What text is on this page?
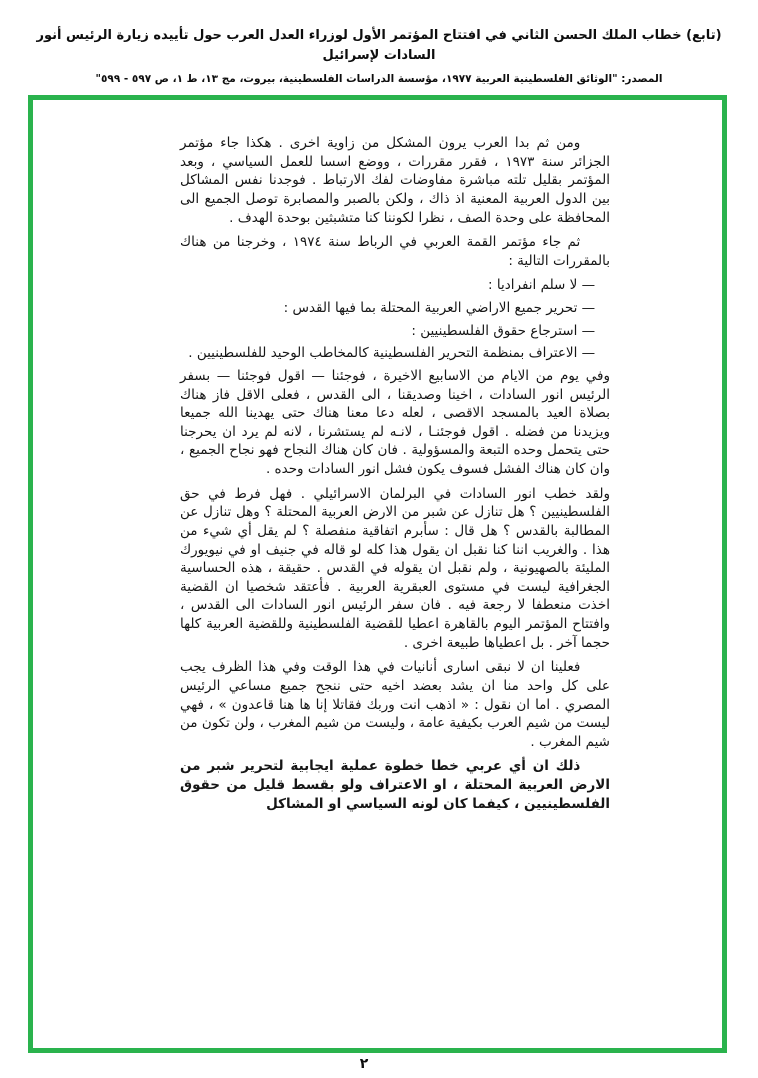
(تابع) خطاب الملك الحسن الثاني في افتتاح المؤتمر الأول لوزراء العدل العرب حول تأييده زيارة الرئيس أنور السادات لإسرائيل
المصدر: "الوثائق الفلسطينية العربية ١٩٧٧، مؤسسة الدراسات الفلسطينية، بيروت، مج ١٣، ط ١، ص ٥٩٧ - ٥٩٩"

ومن ثم بدا العرب يرون المشكل من زاوية اخرى . هكذا جاء مؤتمر الجزائر سنة ١٩٧٣ ، فقرر مقررات ، ووضع اسسا للعمل السياسي ، وبعد المؤتمر بقليل تلته مباشرة مفاوضات لفك الارتباط . فوجدنا نفس المشاكل بين الدول العربية المعنية اذ ذاك ، ولكن بالصبر والمصابرة توصل الجميع الى المحافظة على وحدة الصف ، نظرا لكوننا كنا متشبثين بوحدة الهدف .

ثم جاء مؤتمر القمة العربي في الرباط سنة ١٩٧٤ ، وخرجنا من هناك بالمقررات التالية :

— لا سلم انفراديا :

— تحرير جميع الاراضي العربية المحتلة بما فيها القدس :

— استرجاع حقوق الفلسطينيين :

— الاعتراف بمنظمة التحرير الفلسطينية كالمخاطب الوحيد للفلسطينيين .

وفي يوم من الايام من الاسابيع الاخيرة ، فوجئنا — اقول فوجئنا — بسفر الرئيس انور السادات ، اخينا وصديقنا ، الى القدس ، فعلى الاقل فاز هناك بصلاة العيد بالمسجد الاقصى ، لعله دعا معنا هناك حتى يهدينا الله جميعا ويزيدنا من فضله . اقول فوجئنـا ، لانـه لم يستشرنا ، لانه لم يرد ان يحرجنا حتى يتحمل وحده التبعة والمسؤولية . فان كان هناك النجاح فهو نجاح الجميع ، وان كان هناك الفشل فسوف يكون فشل انور السادات وحده .

ولقد خطب انور السادات في البرلمان الاسرائيلي . فهل فرط في حق الفلسطينيين ؟ هل تنازل عن شبر من الارض العربية المحتلة ؟ وهل تنازل عن المطالبة بالقدس ؟ هل قال : سأبرم اتفاقية منفصلة ؟ لم يقل أي شيء من هذا . والغريب اننا كنا نقبل ان يقول هذا كله لو قاله في جنيف او في نيويورك المليئة بالصهيونية ، ولم نقبل ان يقوله في القدس . حقيقة ، هذه الحساسية الجغرافية ليست في مستوى العبقرية العربية . فأعتقد شخصيا ان القضية اخذت منعطفا لا رجعة فيه . فان سفر الرئيس انور السادات الى القدس ، وافتتاح المؤتمر اليوم بالقاهرة اعطيا للقضية الفلسطينية وللقضية العربية كلها حجما آخر . بل اعطياها طبيعة اخرى .

فعلينا ان لا نبقى اسارى أنانيات في هذا الوقت وفي هذا الظرف يجب على كل واحد منا ان يشد بعضد اخيه حتى ننجح جميع مساعي الرئيس المصري . اما ان نقول : « اذهب انت وربك فقاتلا إنا ها هنا قاعدون » ، فهي ليست من شيم العرب بكيفية عامة ، وليست من شيم المغرب ، ولن تكون من شيم المغرب .

ذلك ان أي عربي خطا خطوة عملية ايجابية لتحرير شبر من الارض العربية المحتلة ، او الاعتراف ولو بقسط قليل من حقوق الفلسطينيين ، كيفما كان لونه السياسي او المشاكل

٢
